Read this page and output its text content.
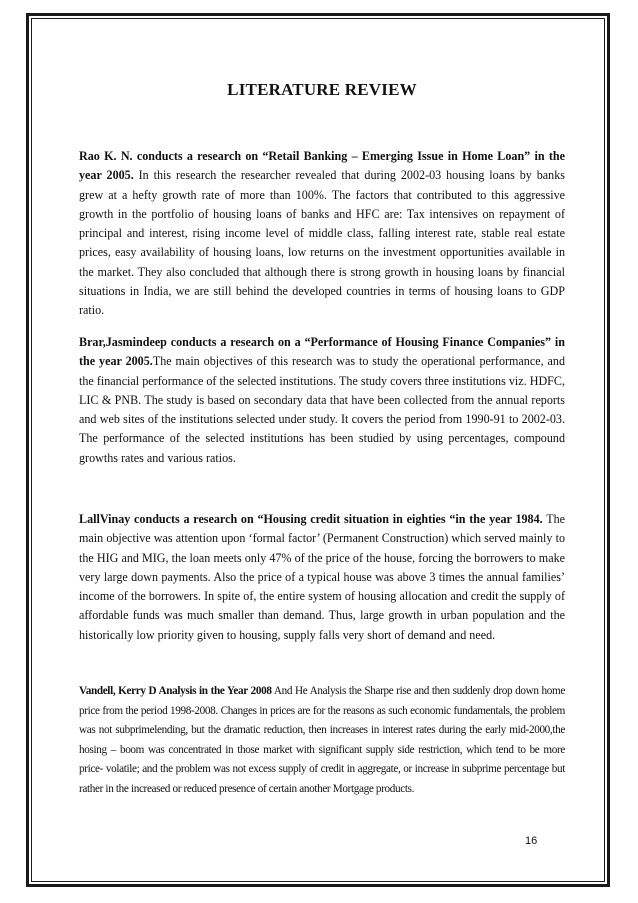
LITERATURE REVIEW

Rao K. N. conducts a research on “Retail Banking – Emerging Issue in Home Loan” in the year 2005. In this research the researcher revealed that during 2002-03 housing loans by banks grew at a hefty growth rate of more than 100%. The factors that contributed to this aggressive growth in the portfolio of housing loans of banks and HFC are: Tax intensives on repayment of principal and interest, rising income level of middle class, falling interest rate, stable real estate prices, easy availability of housing loans, low returns on the investment opportunities available in the market. They also concluded that although there is strong growth in housing loans by financial situations in India, we are still behind the developed countries in terms of housing loans to GDP ratio.

Brar,Jasmindeep conducts a research on a “Performance of Housing Finance Companies” in the year 2005.The main objectives of this research was to study the operational performance, and the financial performance of the selected institutions. The study covers three institutions viz. HDFC, LIC & PNB. The study is based on secondary data that have been collected from the annual reports and web sites of the institutions selected under study. It covers the period from 1990-91 to 2002-03. The performance of the selected institutions has been studied by using percentages, compound growths rates and various ratios.

LallVinay conducts a research on “Housing credit situation in eighties “in the year 1984. The main objective was attention upon ‘formal factor’ (Permanent Construction) which served mainly to the HIG and MIG, the loan meets only 47% of the price of the house, forcing the borrowers to make very large down payments. Also the price of a typical house was above 3 times the annual families’ income of the borrowers. In spite of, the entire system of housing allocation and credit the supply of affordable funds was much smaller than demand. Thus, large growth in urban population and the historically low priority given to housing, supply falls very short of demand and need.

Vandell, Kerry D Analysis in the Year 2008 And He Analysis the Sharpe rise and then suddenly drop down home price from the period 1998-2008. Changes in prices are for the reasons as such economic fundamentals, the problem was not subprimelending, but the dramatic reduction, then increases in interest rates during the early mid-2000,the hosing – boom was concentrated in those market with significant supply side restriction, which tend to be more price- volatile; and the problem was not excess supply of credit in aggregate, or increase in subprime percentage but rather in the increased or reduced presence of certain another Mortgage products.

16
